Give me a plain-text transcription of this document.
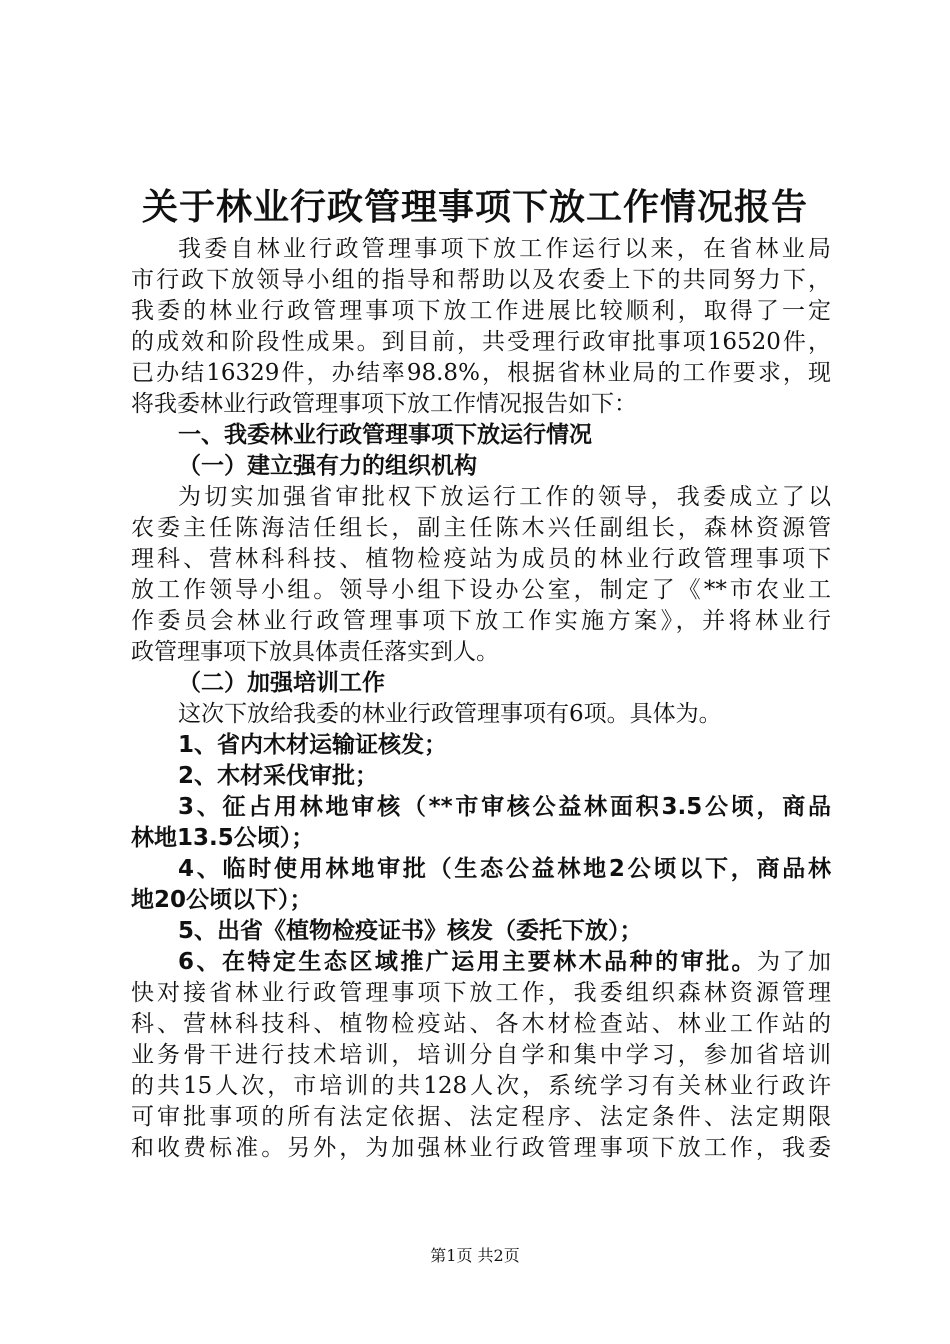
关于林业行政管理事项下放工作情况报告
我委自林业行政管理事项下放工作运行以来，在省林业局
市行政下放领导小组的指导和帮助以及农委上下的共同努力下，
我委的林业行政管理事项下放工作进展比较顺利，取得了一定
的成效和阶段性成果。到目前，共受理行政审批事项16520件，
已办结16329件，办结率98.8%，根据省林业局的工作要求，现
将我委林业行政管理事项下放工作情况报告如下：
一、我委林业行政管理事项下放运行情况
（一）建立强有力的组织机构
为切实加强省审批权下放运行工作的领导，我委成立了以
农委主任陈海洁任组长，副主任陈木兴任副组长，森林资源管
理科、营林科科技、植物检疫站为成员的林业行政管理事项下
放工作领导小组。领导小组下设办公室，制定了《**市农业工
作委员会林业行政管理事项下放工作实施方案》，并将林业行
政管理事项下放具体责任落实到人。
（二）加强培训工作
这次下放给我委的林业行政管理事项有6项。具体为。
1、省内木材运输证核发；
2、木材采伐审批；
3、征占用林地审核（**市审核公益林面积3.5公顷，商品
林地13.5公顷）；
4、临时使用林地审批（生态公益林地2公顷以下，商品林
地20公顷以下）；
5、出省《植物检疫证书》核发（委托下放）；
6、在特定生态区域推广运用主要林木品种的审批。为了加
快对接省林业行政管理事项下放工作，我委组织森林资源管理
科、营林科技科、植物检疫站、各木材检查站、林业工作站的
业务骨干进行技术培训，培训分自学和集中学习，参加省培训
的共15人次，市培训的共128人次，系统学习有关林业行政许
可审批事项的所有法定依据、法定程序、法定条件、法定期限
和收费标准。另外，为加强林业行政管理事项下放工作，我委
第1页 共2页
